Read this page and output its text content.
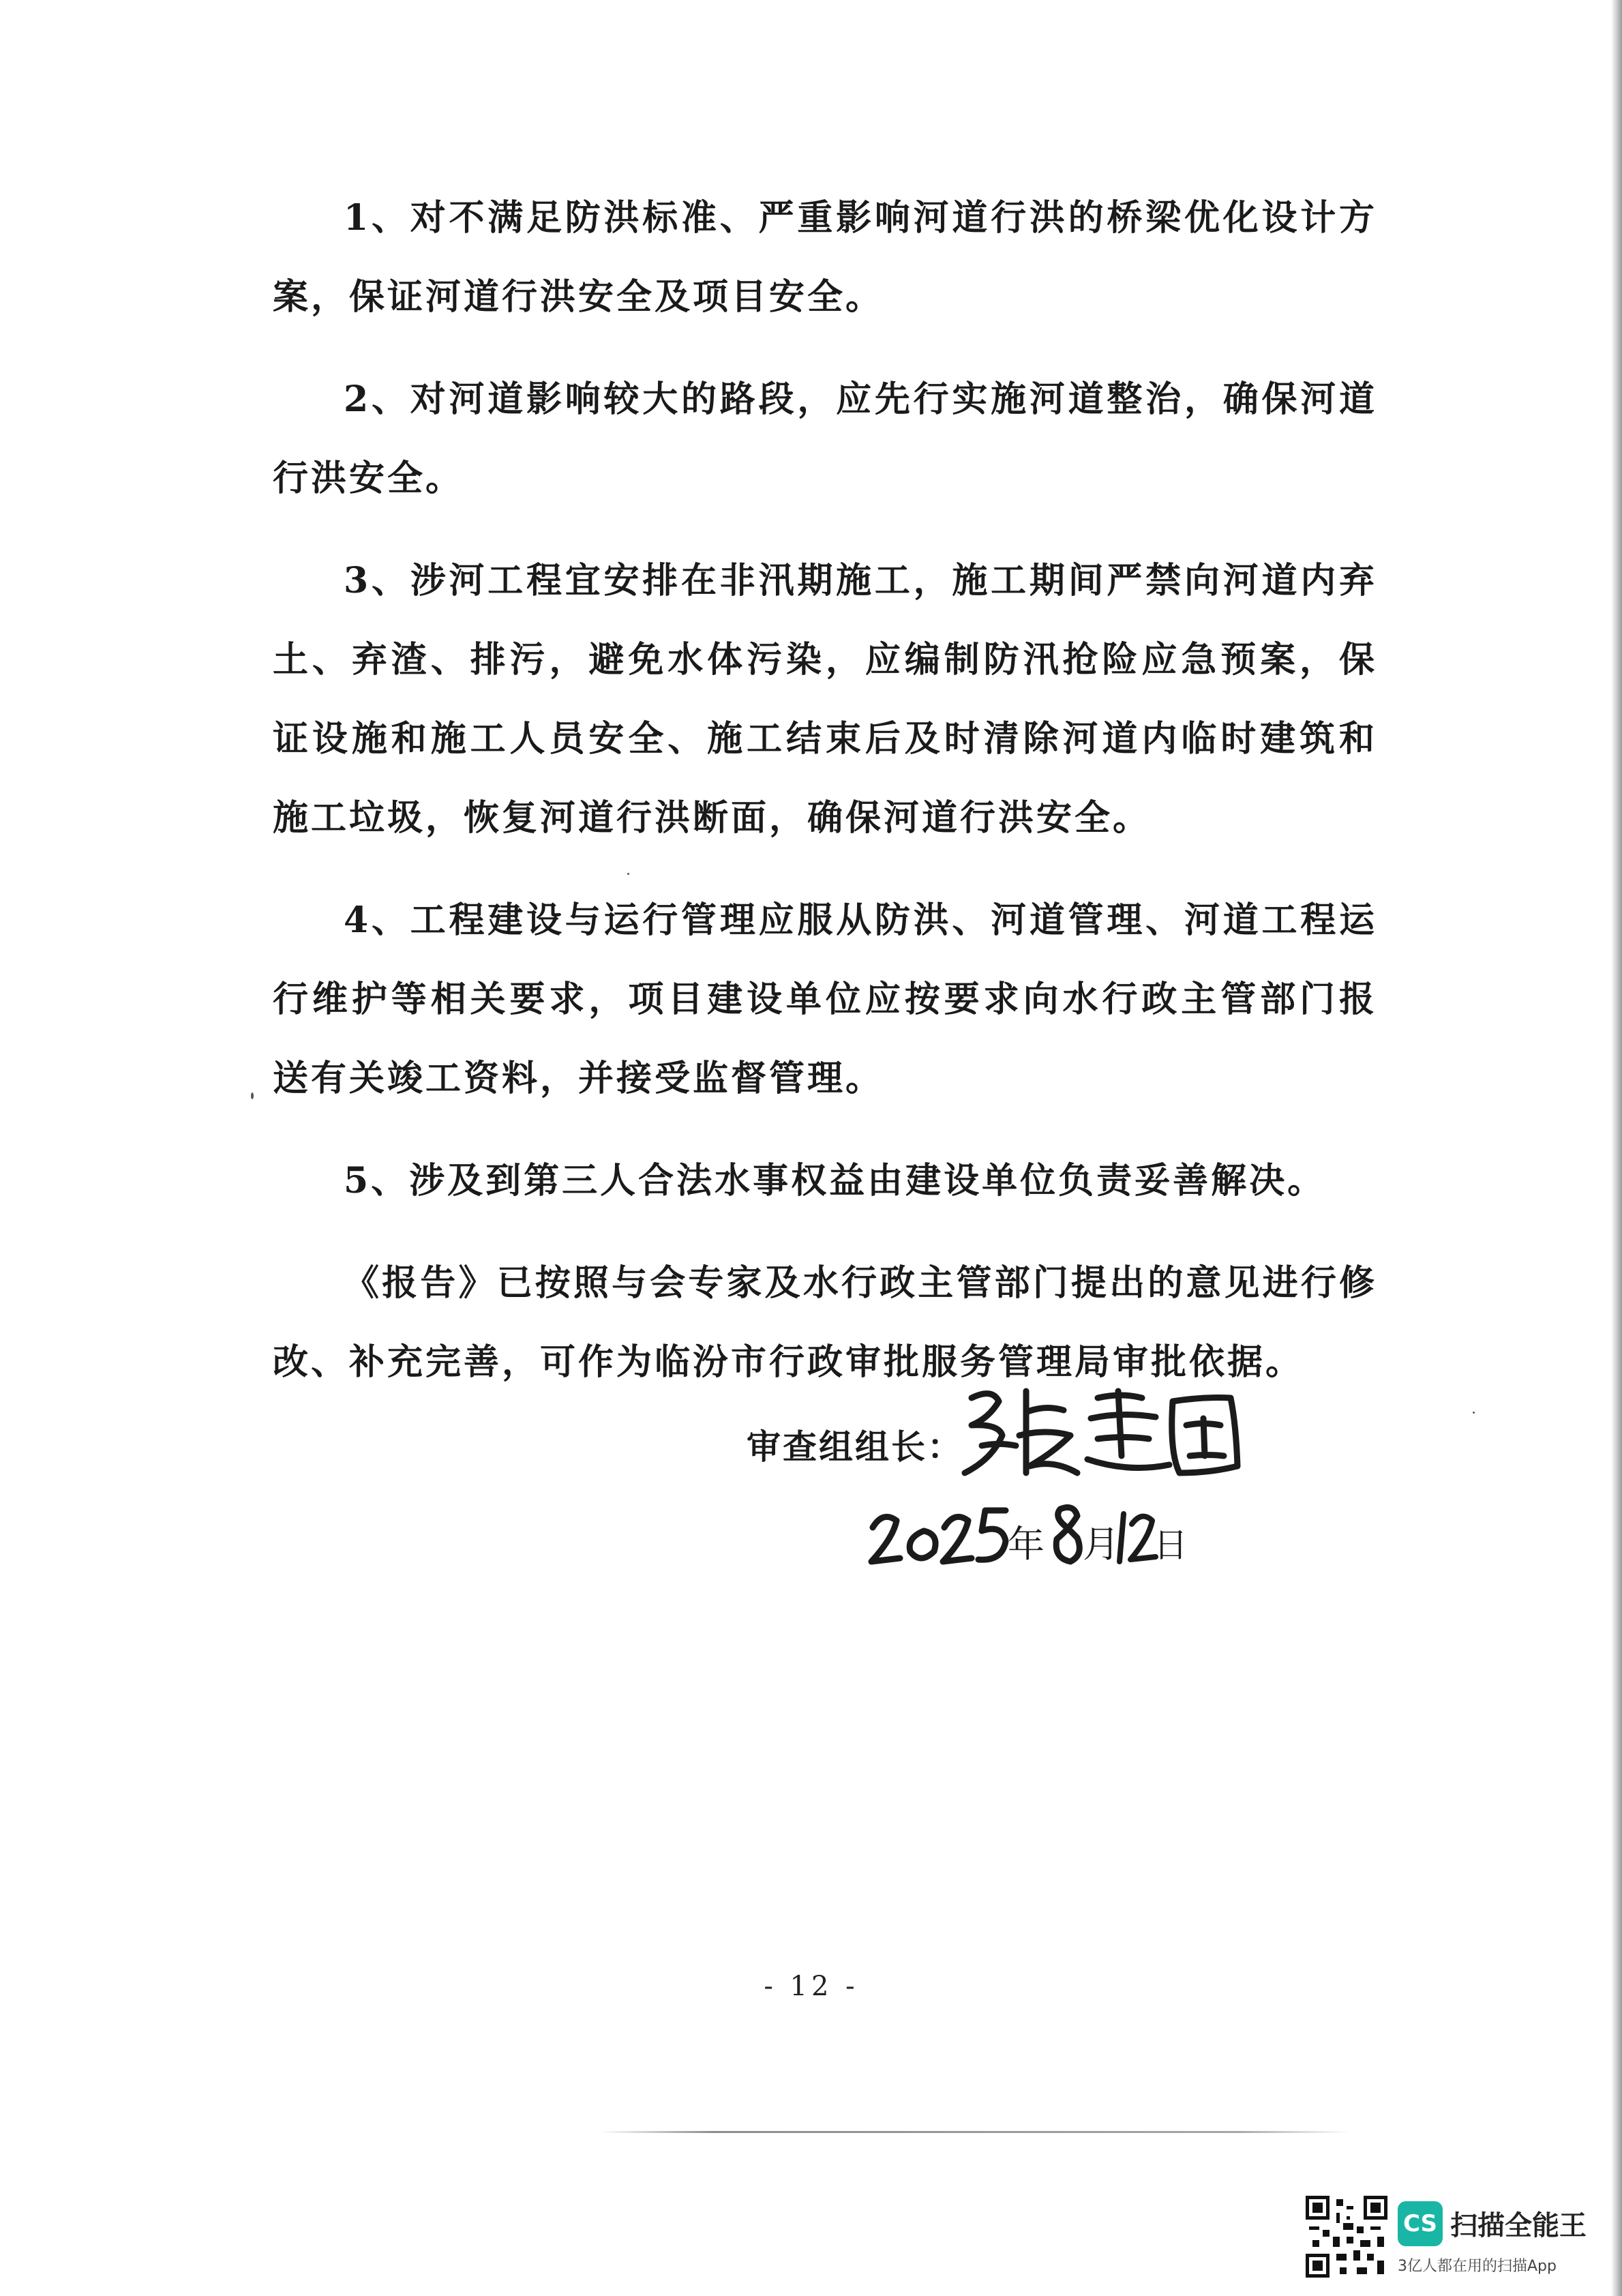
1、对不满足防洪标准、严重影响河道行洪的桥梁优化设计方案，保证河道行洪安全及项目安全。

2、对河道影响较大的路段，应先行实施河道整治，确保河道行洪安全。

3、涉河工程宜安排在非汛期施工，施工期间严禁向河道内弃土、弃渣、排污，避免水体污染，应编制防汛抢险应急预案，保证设施和施工人员安全、施工结束后及时清除河道内临时建筑和施工垃圾，恢复河道行洪断面，确保河道行洪安全。

4、工程建设与运行管理应服从防洪、河道管理、河道工程运行维护等相关要求，项目建设单位应按要求向水行政主管部门报送有关竣工资料，并接受监督管理。

5、涉及到第三人合法水事权益由建设单位负责妥善解决。

《报告》已按照与会专家及水行政主管部门提出的意见进行修改、补充完善，可作为临汾市行政审批服务管理局审批依据。

审查组组长：
年 月 日
- 12 -
CS 扫描全能王
3亿人都在用的扫描App
